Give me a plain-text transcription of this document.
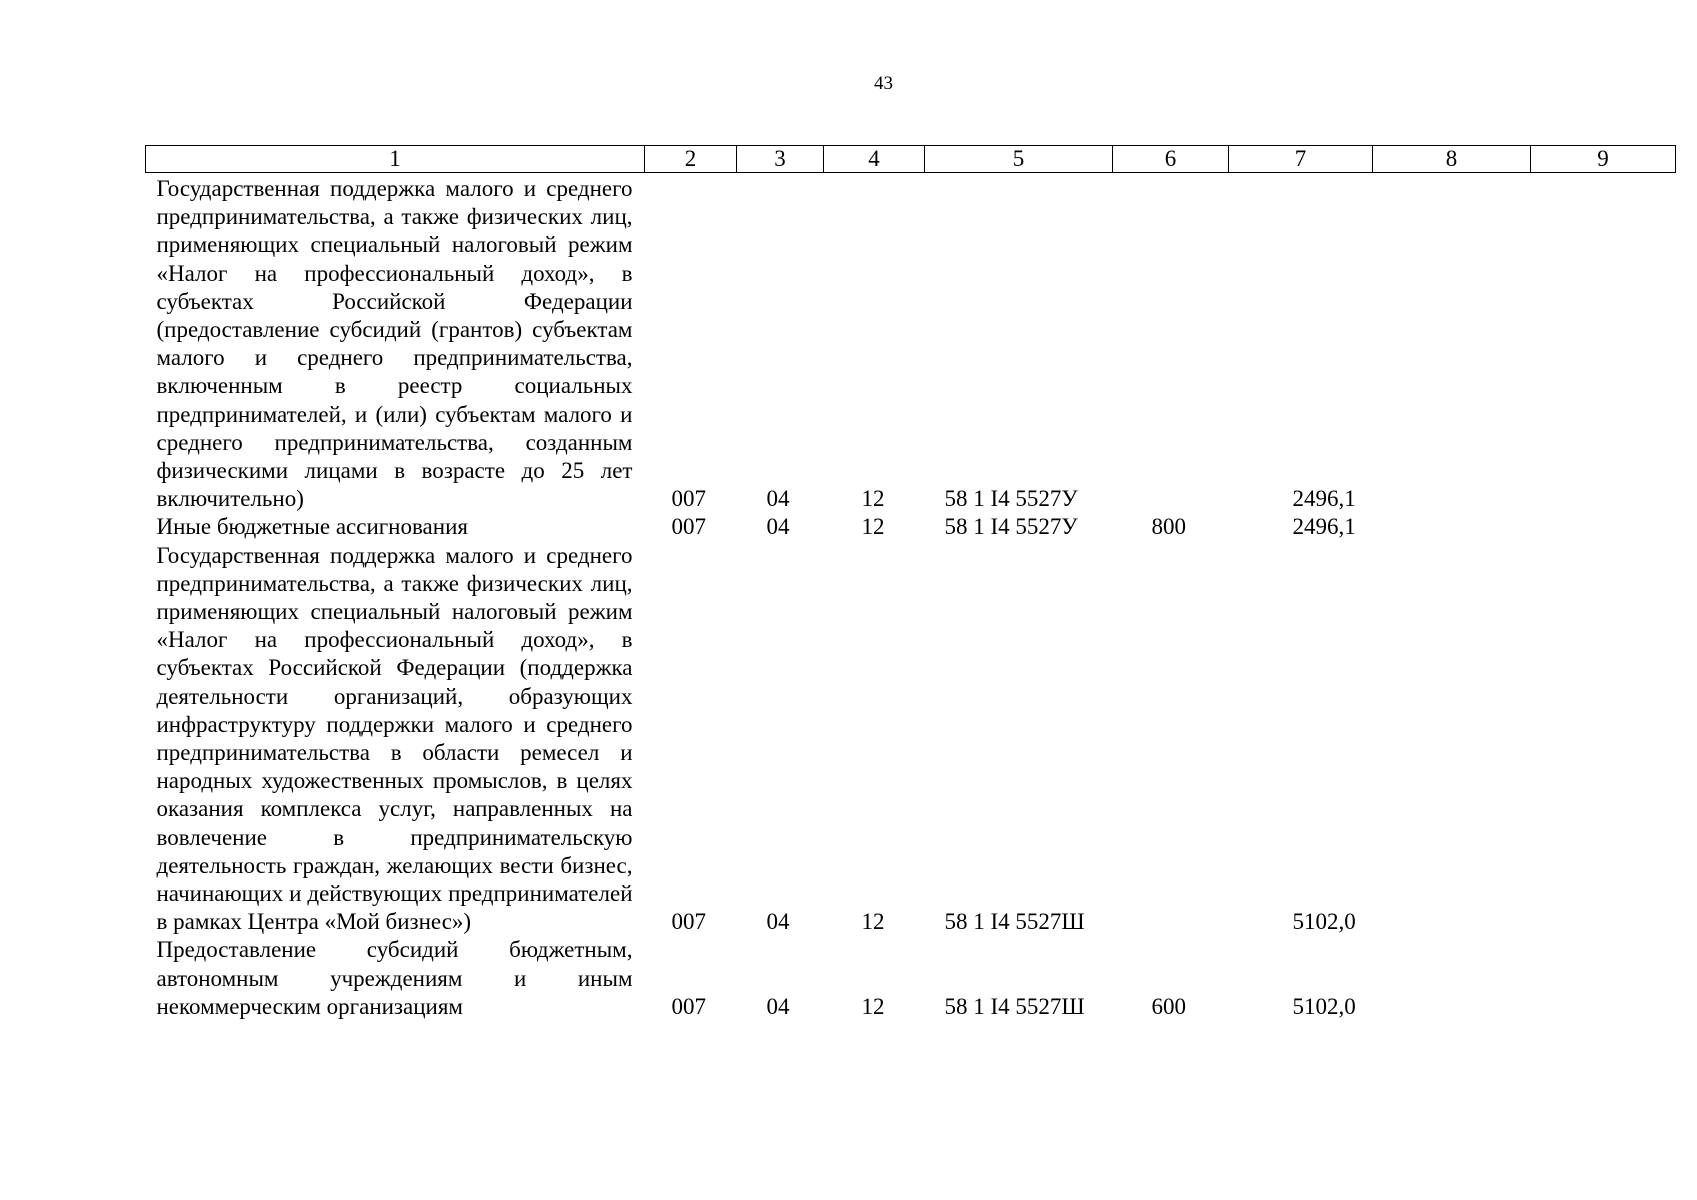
43
1	2	3	4	5	6	7	8	9
Государственная поддержка малого и среднего предпринимательства, а также физических лиц, применяющих специальный налоговый режим «Налог на профессиональный доход», в субъектах Российской Федерации (предоставление субсидий (грантов) субъектам малого и среднего предпринимательства, включенным в реестр социальных предпринимателей, и (или) субъектам малого и среднего предпринимательства, созданным физическими лицами в возрасте до 25 лет включительно)	007	04	12	58 1 I4 5527У		2496,1		
Иные бюджетные ассигнования	007	04	12	58 1 I4 5527У	800	2496,1		
Государственная поддержка малого и среднего предпринимательства, а также физических лиц, применяющих специальный налоговый режим «Налог на профессиональный доход», в субъектах Российской Федерации (поддержка деятельности организаций, образующих инфраструктуру поддержки малого и среднего предпринимательства в области ремесел и народных художественных промыслов, в целях оказания комплекса услуг, направленных на вовлечение в предпринимательскую деятельность граждан, желающих вести бизнес, начинающих и действующих предпринимателей в рамках Центра «Мой бизнес»)	007	04	12	58 1 I4 5527Ш		5102,0		
Предоставление субсидий бюджетным, автономным учреждениям и иным некоммерческим организациям	007	04	12	58 1 I4 5527Ш	600	5102,0		
